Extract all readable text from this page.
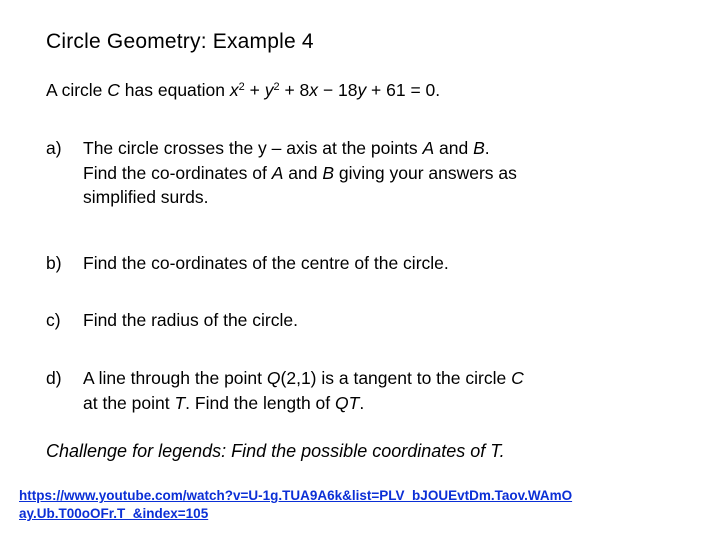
Circle Geometry: Example 4
A circle C has equation $x^2 + y^2 + 8x - 18y + 61 = 0$.
a) The circle crosses the y – axis at the points A and B.
Find the co-ordinates of A and B giving your answers as
simplified surds.
b) Find the co-ordinates of the centre of the circle.
c) Find the radius of the circle.
d) A line through the point Q(2,1) is a tangent to the circle C
at the point T. Find the length of QT.
Challenge for legends: Find the possible coordinates of T.
https://www.youtube.com/watch?v=U-1g.TUA9A6k&list=PLV_bJOUEvtDm.Taov.WAmOay.Ub.T00oOFr.T_&index=105
